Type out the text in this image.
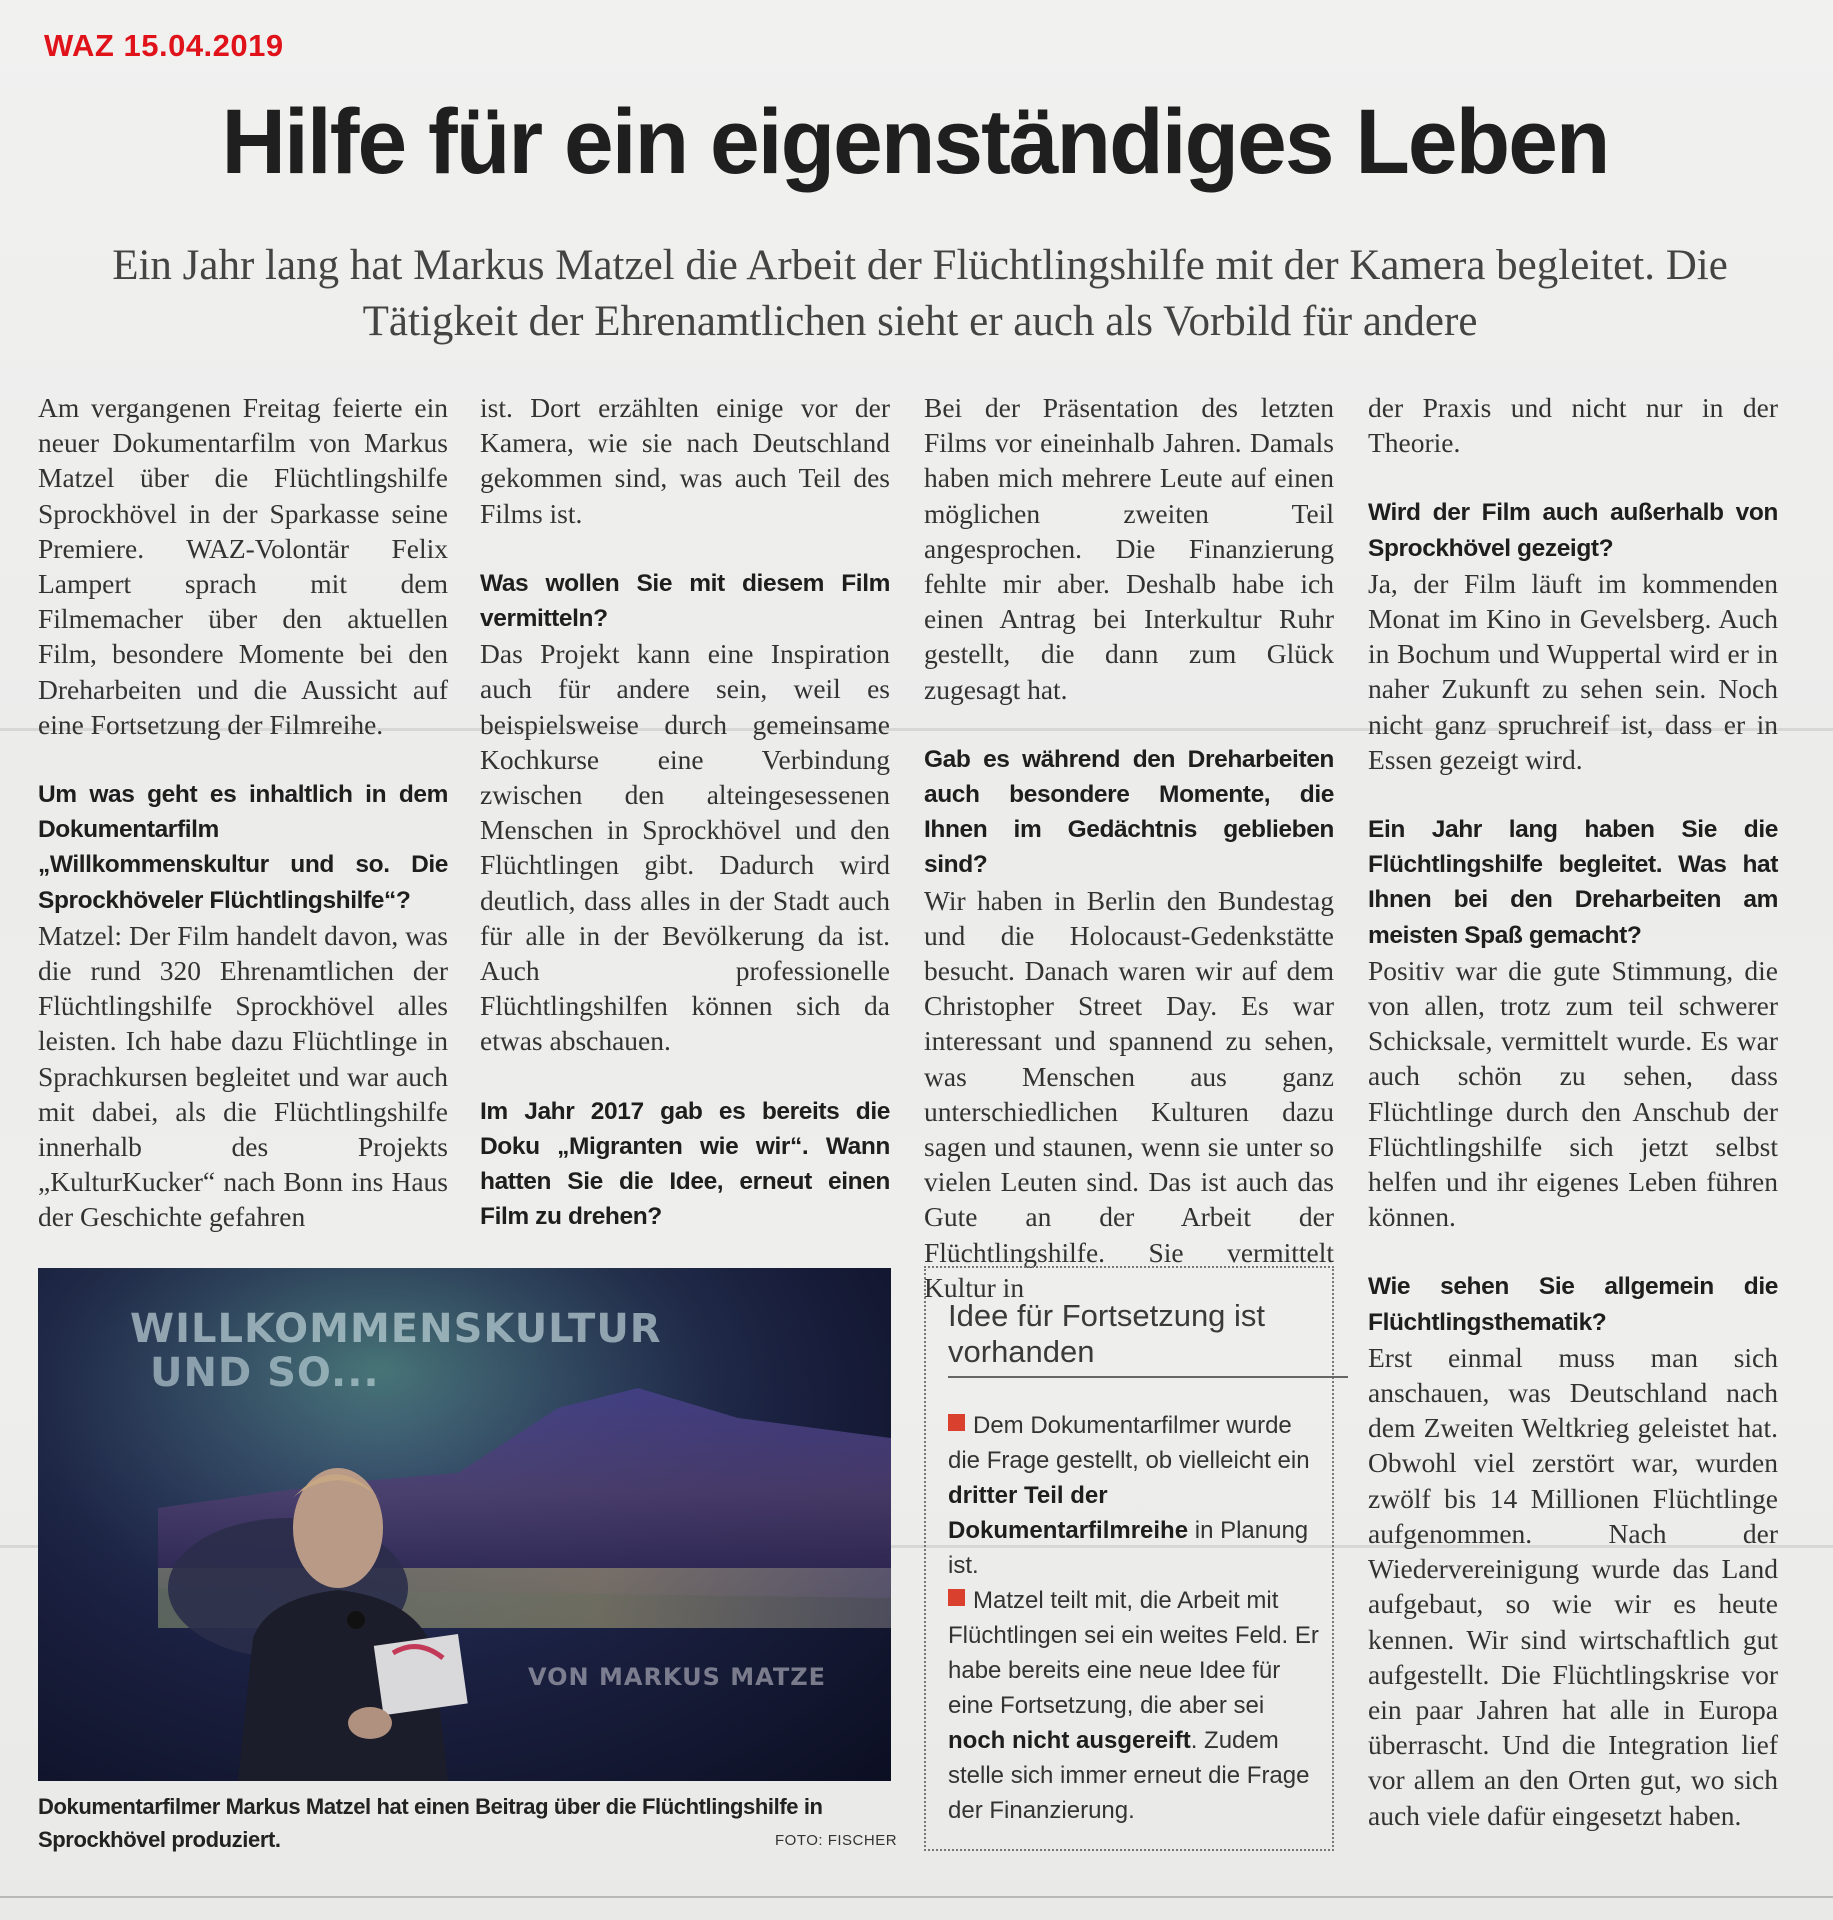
WAZ 15.04.2019
Hilfe für ein eigenständiges Leben
Ein Jahr lang hat Markus Matzel die Arbeit der Flüchtlingshilfe mit der Kamera begleitet. Die Tätigkeit der Ehrenamtlichen sieht er auch als Vorbild für andere

Am vergangenen Freitag feierte ein neuer Dokumentarfilm von Markus Matzel über die Flüchtlingshilfe Sprockhövel in der Sparkasse seine Premiere. WAZ-Volontär Felix Lampert sprach mit dem Filmemacher über den aktuellen Film, besondere Momente bei den Dreharbeiten und die Aussicht auf eine Fortsetzung der Filmreihe.

Um was geht es inhaltlich in dem Dokumentarfilm „Willkommenskultur und so. Die Sprockhöveler Flüchtlingshilfe“?

Matzel: Der Film handelt davon, was die rund 320 Ehrenamtlichen der Flüchtlingshilfe Sprockhövel alles leisten. Ich habe dazu Flüchtlinge in Sprachkursen begleitet und war auch mit dabei, als die Flüchtlingshilfe innerhalb des Projekts „KulturKucker“ nach Bonn ins Haus der Geschichte gefahren

ist. Dort erzählten einige vor der Kamera, wie sie nach Deutschland gekommen sind, was auch Teil des Films ist.

Was wollen Sie mit diesem Film vermitteln?

Das Projekt kann eine Inspiration auch für andere sein, weil es beispielsweise durch gemeinsame Kochkurse eine Verbindung zwischen den alteingesessenen Menschen in Sprockhövel und den Flüchtlingen gibt. Dadurch wird deutlich, dass alles in der Stadt auch für alle in der Bevölkerung da ist. Auch professionelle Flüchtlingshilfen können sich da etwas abschauen.

Im Jahr 2017 gab es bereits die Doku „Migranten wie wir“. Wann hatten Sie die Idee, erneut einen Film zu drehen?

Bei der Präsentation des letzten Films vor eineinhalb Jahren. Damals haben mich mehrere Leute auf einen möglichen zweiten Teil angesprochen. Die Finanzierung fehlte mir aber. Deshalb habe ich einen Antrag bei Interkultur Ruhr gestellt, die dann zum Glück zugesagt hat.

Gab es während den Dreharbeiten auch besondere Momente, die Ihnen im Gedächtnis geblieben sind?

Wir haben in Berlin den Bundestag und die Holocaust-Gedenkstätte besucht. Danach waren wir auf dem Christopher Street Day. Es war interessant und spannend zu sehen, was Menschen aus ganz unterschiedlichen Kulturen dazu sagen und staunen, wenn sie unter so vielen Leuten sind. Das ist auch das Gute an der Arbeit der Flüchtlingshilfe. Sie vermittelt Kultur in

der Praxis und nicht nur in der Theorie.

Wird der Film auch außerhalb von Sprockhövel gezeigt?

Ja, der Film läuft im kommenden Monat im Kino in Gevelsberg. Auch in Bochum und Wuppertal wird er in naher Zukunft zu sehen sein. Noch nicht ganz spruchreif ist, dass er in Essen gezeigt wird.

Ein Jahr lang haben Sie die Flüchtlingshilfe begleitet. Was hat Ihnen bei den Dreharbeiten am meisten Spaß gemacht?

Positiv war die gute Stimmung, die von allen, trotz zum teil schwerer Schicksale, vermittelt wurde. Es war auch schön zu sehen, dass Flüchtlinge durch den Anschub der Flüchtlingshilfe sich jetzt selbst helfen und ihr eigenes Leben führen können.

Wie sehen Sie allgemein die Flüchtlingsthematik?

Erst einmal muss man sich anschauen, was Deutschland nach dem Zweiten Weltkrieg geleistet hat. Obwohl viel zerstört war, wurden zwölf bis 14 Millionen Flüchtlinge aufgenommen. Nach der Wiedervereinigung wurde das Land aufgebaut, so wie wir es heute kennen. Wir sind wirtschaftlich gut aufgestellt. Die Flüchtlingskrise vor ein paar Jahren hat alle in Europa überrascht. Und die Integration lief vor allem an den Orten gut, wo sich auch viele dafür eingesetzt haben.

WILLKOMMENSKULTUR
UND SO...
VON MARKUS MATZE
Dokumentarfilmer Markus Matzel hat einen Beitrag über die Flüchtlingshilfe in Sprockhövel produziert.	FOTO: FISCHER
Idee für Fortsetzung ist vorhanden
Dem Dokumentarfilmer wurde die Frage gestellt, ob vielleicht ein dritter Teil der Dokumentarfilmreihe in Planung ist.
Matzel teilt mit, die Arbeit mit Flüchtlingen sei ein weites Feld. Er habe bereits eine neue Idee für eine Fortsetzung, die aber sei noch nicht ausgereift. Zudem stelle sich immer erneut die Frage der Finanzierung.
